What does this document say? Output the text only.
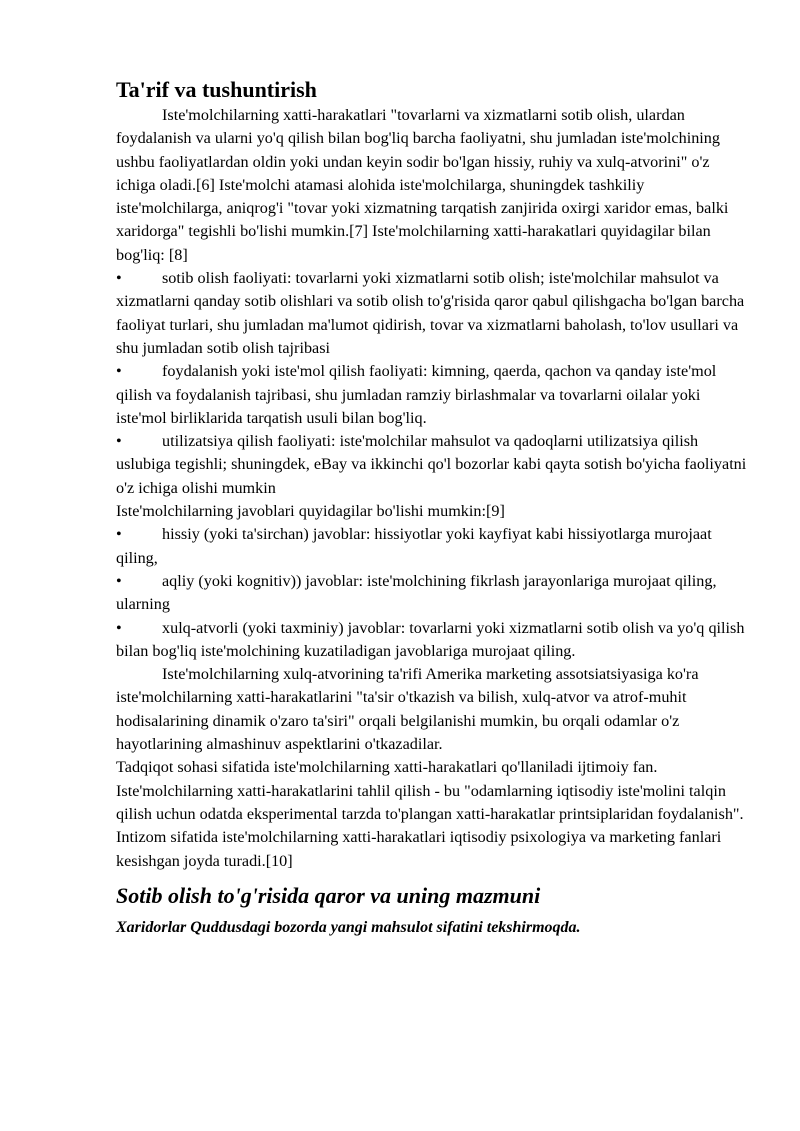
Ta'rif va tushuntirish

Iste'molchilarning xatti-harakatlari "tovarlarni va xizmatlarni sotib olish, ulardan foydalanish va ularni yo'q qilish bilan bog'liq barcha faoliyatni, shu jumladan iste'molchining ushbu faoliyatlardan oldin yoki undan keyin sodir bo'lgan hissiy, ruhiy va xulq-atvorini" o'z ichiga oladi.[6] Iste'molchi atamasi alohida iste'molchilarga, shuningdek tashkiliy iste'molchilarga, aniqrog'i "tovar yoki xizmatning tarqatish zanjirida oxirgi xaridor emas, balki xaridorga" tegishli bo'lishi mumkin.[7] Iste'molchilarning xatti-harakatlari quyidagilar bilan bog'liq: [8]

• sotib olish faoliyati: tovarlarni yoki xizmatlarni sotib olish; iste'molchilar mahsulot va xizmatlarni qanday sotib olishlari va sotib olish to'g'risida qaror qabul qilishgacha bo'lgan barcha faoliyat turlari, shu jumladan ma'lumot qidirish, tovar va xizmatlarni baholash, to'lov usullari va shu jumladan sotib olish tajribasi

• foydalanish yoki iste'mol qilish faoliyati: kimning, qaerda, qachon va qanday iste'mol qilish va foydalanish tajribasi, shu jumladan ramziy birlashmalar va tovarlarni oilalar yoki iste'mol birliklarida tarqatish usuli bilan bog'liq.

• utilizatsiya qilish faoliyati: iste'molchilar mahsulot va qadoqlarni utilizatsiya qilish uslubiga tegishli; shuningdek, eBay va ikkinchi qo'l bozorlar kabi qayta sotish bo'yicha faoliyatni o'z ichiga olishi mumkin

Iste'molchilarning javoblari quyidagilar bo'lishi mumkin:[9]

• hissiy (yoki ta'sirchan) javoblar: hissiyotlar yoki kayfiyat kabi hissiyotlarga murojaat qiling,

• aqliy (yoki kognitiv)) javoblar: iste'molchining fikrlash jarayonlariga murojaat qiling, ularning

• xulq-atvorli (yoki taxminiy) javoblar: tovarlarni yoki xizmatlarni sotib olish va yo'q qilish bilan bog'liq iste'molchining kuzatiladigan javoblariga murojaat qiling.

Iste'molchilarning xulq-atvorining ta'rifi Amerika marketing assotsiatsiyasiga ko'ra iste'molchilarning xatti-harakatlarini "ta'sir o'tkazish va bilish, xulq-atvor va atrof-muhit hodisalarining dinamik o'zaro ta'siri" orqali belgilanishi mumkin, bu orqali odamlar o'z hayotlarining almashinuv aspektlarini o'tkazadilar.

Tadqiqot sohasi sifatida iste'molchilarning xatti-harakatlari qo'llaniladi ijtimoiy fan. Iste'molchilarning xatti-harakatlarini tahlil qilish - bu "odamlarning iqtisodiy iste'molini talqin qilish uchun odatda eksperimental tarzda to'plangan xatti-harakatlar printsiplaridan foydalanish". Intizom sifatida iste'molchilarning xatti-harakatlari iqtisodiy psixologiya va marketing fanlari kesishgan joyda turadi.[10]

Sotib olish to'g'risida qaror va uning mazmuni

Xaridorlar Quddusdagi bozorda yangi mahsulot sifatini tekshirmoqda.
